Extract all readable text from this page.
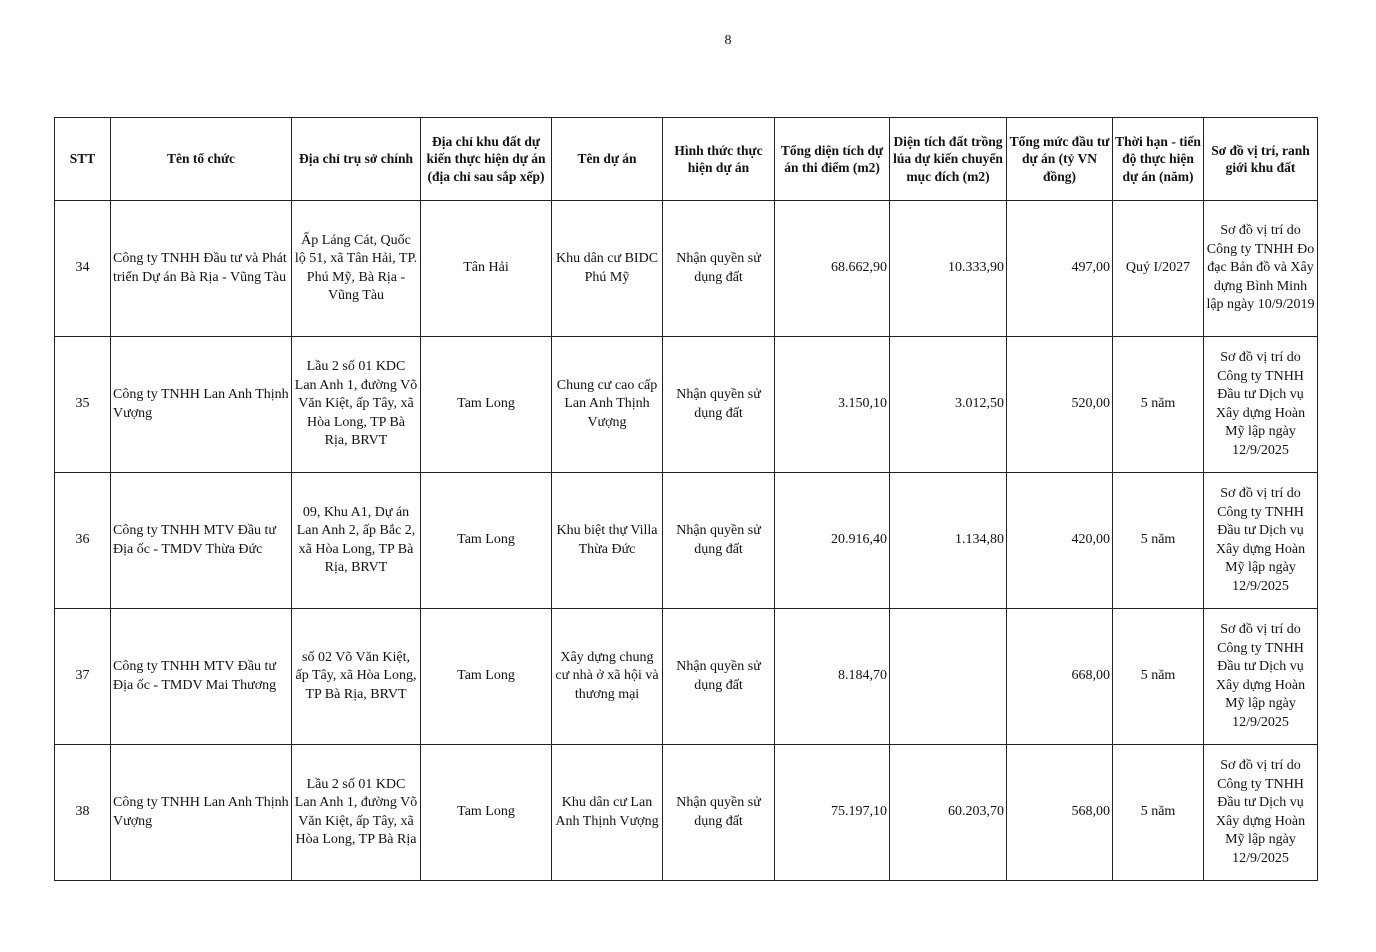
8
STT	Tên tổ chức	Địa chỉ trụ sở chính	Địa chỉ khu đất dự kiến thực hiện dự án (địa chỉ sau sắp xếp)	Tên dự án	Hình thức thực hiện dự án	Tổng diện tích dự án thi điểm (m2)	Diện tích đất trồng lúa dự kiến chuyển mục đích (m2)	Tổng mức đầu tư dự án (tỷ VN đồng)	Thời hạn - tiến độ thực hiện dự án (năm)	Sơ đồ vị trí, ranh giới khu đất
34	Công ty TNHH Đầu tư và Phát triển Dự án Bà Rịa - Vũng Tàu	Ấp Láng Cát, Quốc lộ 51, xã Tân Hải, TP. Phú Mỹ, Bà Rịa - Vũng Tàu	Tân Hải	Khu dân cư BIDC Phú Mỹ	Nhận quyền sử dụng đất	68.662,90	10.333,90	497,00	Quý I/2027	Sơ đồ vị trí do Công ty TNHH Đo đạc Bản đồ và Xây dựng Bình Minh lập ngày 10/9/2019
35	Công ty TNHH Lan Anh Thịnh Vượng	Lầu 2 số 01 KDC Lan Anh 1, đường Võ Văn Kiệt, ấp Tây, xã Hòa Long, TP Bà Rịa, BRVT	Tam Long	Chung cư cao cấp Lan Anh Thịnh Vượng	Nhận quyền sử dụng đất	3.150,10	3.012,50	520,00	5 năm	Sơ đồ vị trí do Công ty TNHH Đầu tư Dịch vụ Xây dựng Hoàn Mỹ lập ngày 12/9/2025
36	Công ty TNHH MTV Đầu tư Địa ốc - TMDV Thừa Đức	09, Khu A1, Dự án Lan Anh 2, ấp Bắc 2, xã Hòa Long, TP Bà Rịa, BRVT	Tam Long	Khu biệt thự Villa Thừa Đức	Nhận quyền sử dụng đất	20.916,40	1.134,80	420,00	5 năm	Sơ đồ vị trí do Công ty TNHH Đầu tư Dịch vụ Xây dựng Hoàn Mỹ lập ngày 12/9/2025
37	Công ty TNHH MTV Đầu tư Địa ốc - TMDV Mai Thương	số 02 Võ Văn Kiệt, ấp Tây, xã Hòa Long, TP Bà Rịa, BRVT	Tam Long	Xây dựng chung cư nhà ở xã hội và thương mại	Nhận quyền sử dụng đất	8.184,70		668,00	5 năm	Sơ đồ vị trí do Công ty TNHH Đầu tư Dịch vụ Xây dựng Hoàn Mỹ lập ngày 12/9/2025
38	Công ty TNHH Lan Anh Thịnh Vượng	Lầu 2 số 01 KDC Lan Anh 1, đường Võ Văn Kiệt, ấp Tây, xã Hòa Long, TP Bà Rịa	Tam Long	Khu dân cư Lan Anh Thịnh Vượng	Nhận quyền sử dụng đất	75.197,10	60.203,70	568,00	5 năm	Sơ đồ vị trí do Công ty TNHH Đầu tư Dịch vụ Xây dựng Hoàn Mỹ lập ngày 12/9/2025
